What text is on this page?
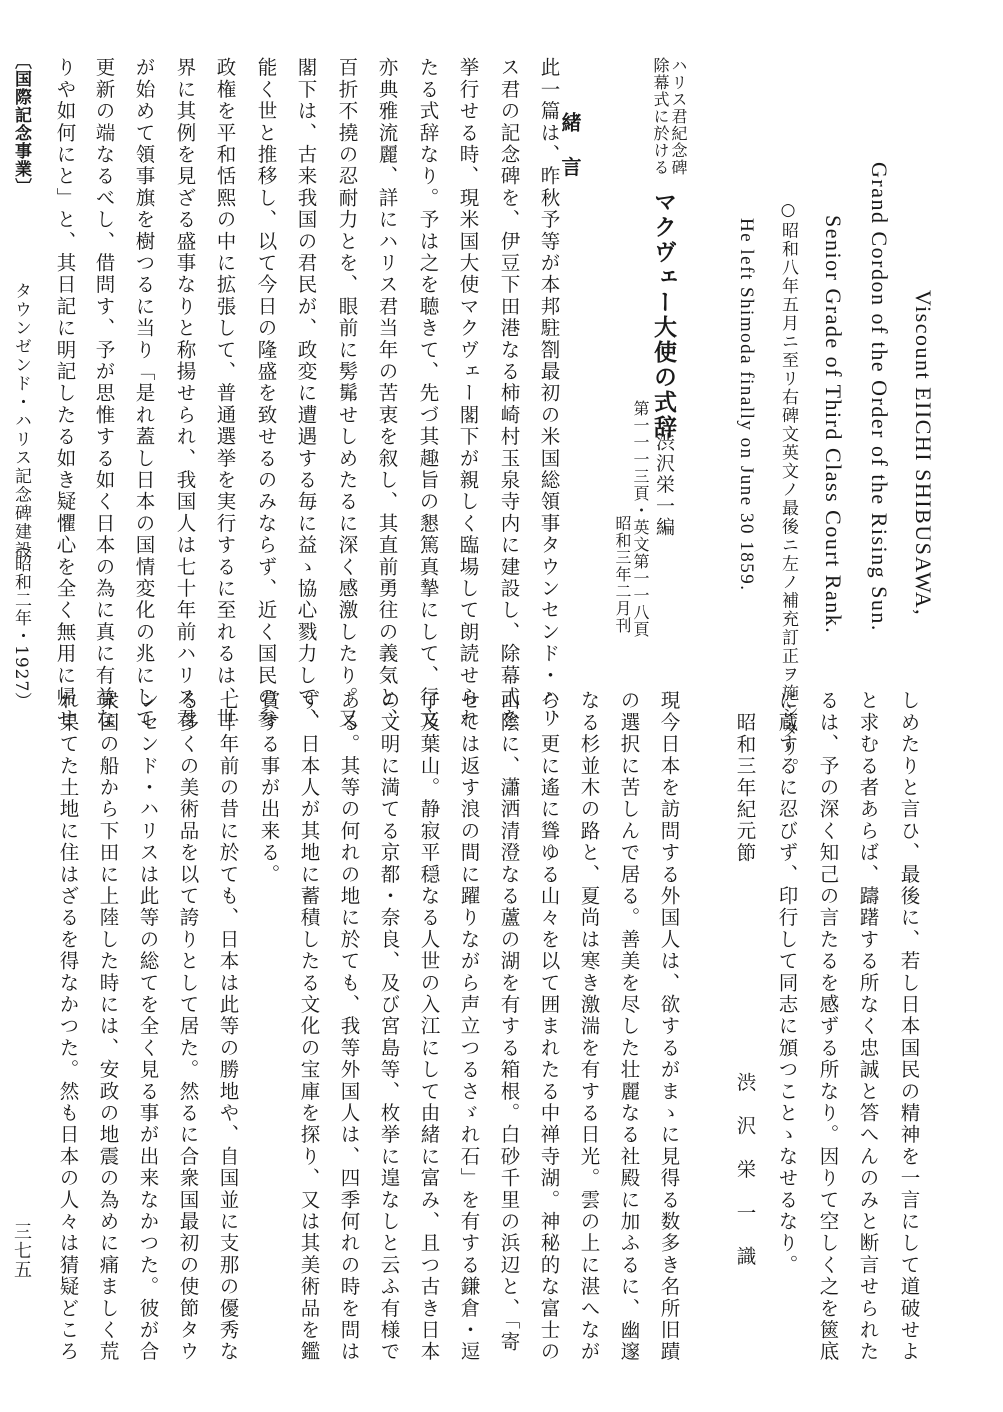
Viscount EIICHI SHIBUSAWA,
Grand Cordon of the Order of the Rising Sun.
Senior Grade of Third Class Court Rank.
○昭和八年五月ニ至リ右碑文英文ノ最後ニ左ノ補充訂正ヲ施シタリ。
He left Shimoda finally on June 30 1859.
ハリス君紀念碑
除幕式に於ける
マクヴェー大使の式辞
渋沢栄一編
第一一一三頁・英文第一一八頁
昭和三年二月刊
緒　言
此一篇は、昨秋予等が本邦駐劄最初の米国総領事タウンセンド・ハリ
ス君の記念碑を、伊豆下田港なる柿崎村玉泉寺内に建設し、除幕式を
挙行せる時、現米国大使マクヴェー閣下が親しく臨場して朗読せられ
たる式辞なり。予は之を聴きて、先づ其趣旨の懇篤真摯にして、行文
亦典雅流麗、詳にハリス君当年の苦衷を叙し、其直前勇往の義気と、
百折不撓の忍耐力とを、眼前に髣髴せしめたるに深く感激したり。又
閣下は、古来我国の君民が、政変に遭遇する毎に益ゝ協心戮力して、
能く世と推移し、以て今日の隆盛を致せるのみならず、近く国民の参
政権を平和恬熙の中に拡張して、普通選挙を実行するに至れるは、世
界に其例を見ざる盛事なりと称揚せられ、我国人は七十年前ハリス君
が始めて領事旗を樹つるに当り「是れ蓋し日本の国情変化の兆にして
更新の端なるべし、借問す、予が思惟する如く日本の為に真に有益な
りや如何にと」と、其日記に明記したる如き疑懼心を全く無用に帰せ
〔国際記念事業〕
タウンゼンド・ハリス記念碑建設
（昭和二年・1927）
しめたりと言ひ、最後に、若し日本国民の精神を一言にして道破せよ
と求むる者あらば、躊躇する所なく忠誠と答へんのみと断言せられた
るは、予の深く知己の言たるを感ずる所なり。因りて空しく之を篋底
に蔵するに忍びず、印行して同志に頒つことゝなせるなり。
昭和三年紀元節
渋　沢　栄　一　識
現今日本を訪問する外国人は、欲するがまゝに見得る数多き名所旧蹟
の選択に苦しんで居る。善美を尽した壮麗なる社殿に加ふるに、幽邃
なる杉並木の路と、夏尚は寒き激湍を有する日光。雲の上に湛へなが
ら、更に遙に聳ゆる山々を以て囲まれたる中禅寺湖。神秘的な富士の
山陰に、瀟洒清澄なる蘆の湖を有する箱根。白砂千里の浜辺と、「寄
せては返す浪の間に躍りながら声立つるさゞれ石」を有する鎌倉・逗
子及葉山。静寂平穏なる人世の入江にして由緒に富み、且つ古き日本
の文明に満てる京都・奈良、及び宮島等、枚挙に遑なしと云ふ有様で
ある。其等の何れの地に於ても、我等外国人は、四季何れの時を問は
ず、日本人が其地に蓄積したる文化の宝庫を探り、又は其美術品を鑑
賞する事が出来る。
七十年前の昔に於ても、日本は此等の勝地や、自国並に支那の優秀な
る多くの美術品を以て誇りとして居た。然るに合衆国最初の使節タウ
ンセンド・ハリスは此等の総てを全く見る事が出来なかつた。彼が合
衆国の船から下田に上陸した時には、安政の地震の為めに痛ましく荒
れ果てた土地に住はざるを得なかつた。然も日本の人々は猜疑どころ
三七五
